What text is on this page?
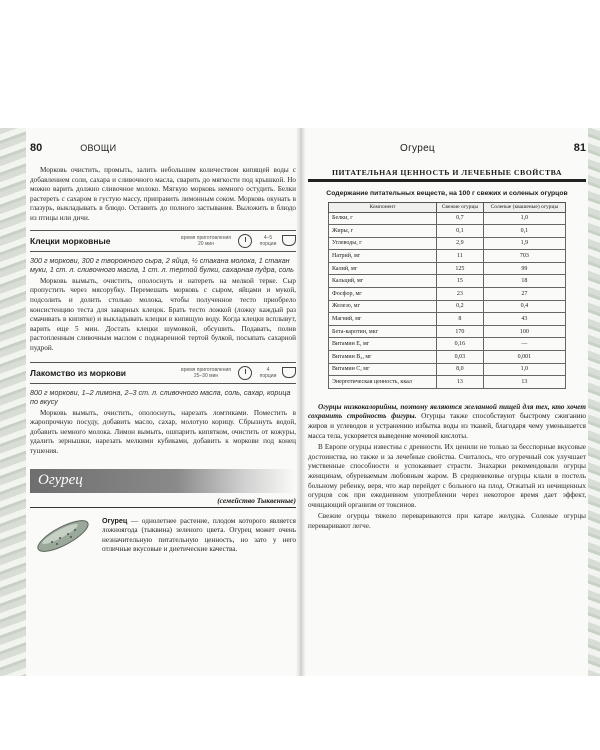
80	ОВОЩИ

Морковь очистить, промыть, залить небольшим количеством кипящей воды с добавлением соли, сахара и сливочного масла, сварить до мягкости под крышкой. Но можно варить должно сливочное молоко. Мягкую морковь немного остудить. Белки растереть с сахаром в густую массу, приправить лимонным соком. Морковь окунать в глазурь, выкладывать в блюдо. Оставить до полного застывания. Выложить в блюдо из птицы или дичи.

Клецки морковные	время приготовления
20 мин
4–5
порции

300 г моркови, 300 г творожного сыра, 2 яйца, ½ стакана молока, 1 стакан муки, 1 ст. л. сливочного масла, 1 ст. л. тертой булки, сахарная пудра, соль

Морковь вымыть, очистить, ополоснуть и натереть на мелкой терке. Сыр пропустить через мясорубку. Перемешать морковь с сыром, яйцами и мукой, подсолить и долить столько молока, чтобы полученное тесто приобрело консистенцию теста для заварных клецок. Брать тесто ложкой (ложку каждый раз смачивать в кипятке) и выкладывать клецки в кипящую воду. Когда клецки всплывут, варить еще 5 мин. Достать клецки шумовкой, обсушить. Подавать, полив растопленным сливочным маслом с поджаренной тертой булкой, посыпать сахарной пудрой.

Лакомство из моркови	время приготовления
25–30 мин
4
порции

800 г моркови, 1–2 лимона, 2–3 ст. л. сливочного масла, соль, сахар, корица по вкусу

Морковь вымыть, очистить, ополоснуть, нарезать ломтиками. Поместить в жаропрочную посуду, добавить масло, сахар, молотую корицу. Сбрызнуть водой, добавить немного молока. Лимон вымыть, ошпарить кипятком, очистить от кожуры, удалить зернышки, нарезать мелкими кубиками, добавить к моркови под конец тушения.

Огурец
(семейство Тыквенные)

Огурец — однолетнее растение, плодом которого является ложноягода (тыквина) зеленого цвета. Огурец может очень незначительную питательную ценность, но зато у него отличные вкусовые и диетические качества.

Огурец	81
ПИТАТЕЛЬНАЯ ЦЕННОСТЬ И ЛЕЧЕБНЫЕ СВОЙСТВА
Содержание питательных веществ, на 100 г свежих и соленых огурцов
Компонент	Свежие огурцы	Соленые (квашеные) огурцы
Белки, г	0,7	1,0
Жиры, г	0,1	0,1
Углеводы, г	2,9	1,9
Натрий, мг	11	703
Калий, мг	125	99
Кальций, мг	15	18
Фосфор, мг	23	27
Железо, мг	0,2	0,4
Магний, мг	8	43
Бета-каротин, мкг	170	100
Витамин Е, мг	0,16	—
Витамин В₂, мг	0,03	0,001
Витамин С, мг	8,0	1,0
Энергетическая ценность, ккал	13	13

Огурцы низкокалорийны, поэтому являются желанной пищей для тех, кто хочет сохранить стройность фигуры. Огурцы также способствуют быстрому сжиганию жиров и углеводов и устранению избытка воды из тканей, благодаря чему уменьшается масса тела, ускоряется выведение мочевой кислоты.

В Европе огурцы известны с древности. Их ценили не только за бесспорные вкусовые достоинства, но также и за лечебные свойства. Считалось, что огуречный сок улучшает умственные способности и успокаивает страсти. Знахарки рекомендовали огурцы женщинам, обуреваемым любовным жаром. В средневековье огурцы клали в постель больному ребенку, веря, что жар перейдет с больного на плод. Отжатый из нечищенных огурцов сок при ежедневном употреблении через некоторое время дает эффект, очищающий организм от токсинов.

Свежие огурцы тяжело перевариваются при катаре желудка. Соленые огурцы переваривают легче.
